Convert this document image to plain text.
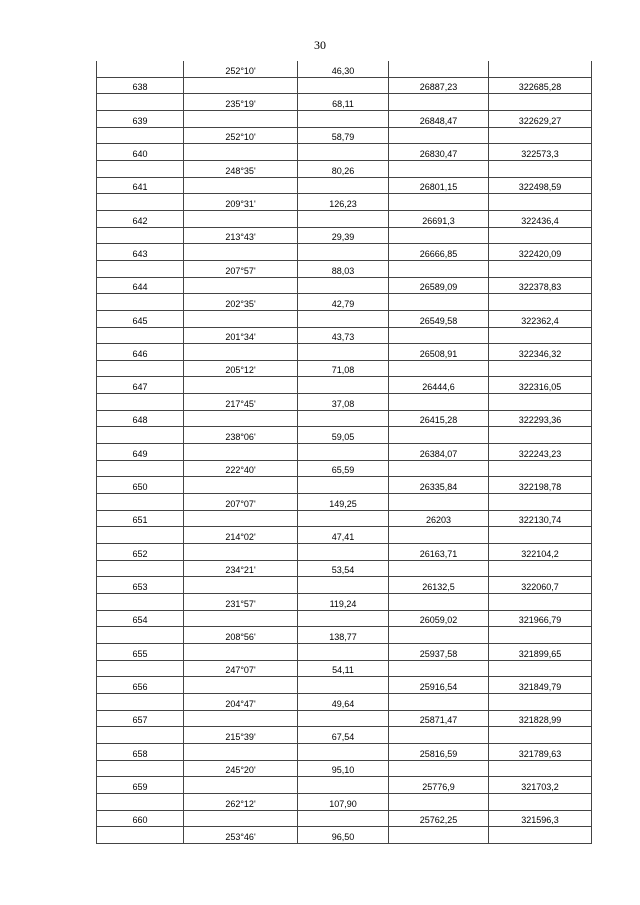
30
	252°10'	46,30		
638			26887,23	322685,28
	235°19'	68,11		
639			26848,47	322629,27
	252°10'	58,79		
640			26830,47	322573,3
	248°35'	80,26		
641			26801,15	322498,59
	209°31'	126,23		
642			26691,3	322436,4
	213°43'	29,39		
643			26666,85	322420,09
	207°57'	88,03		
644			26589,09	322378,83
	202°35'	42,79		
645			26549,58	322362,4
	201°34'	43,73		
646			26508,91	322346,32
	205°12'	71,08		
647			26444,6	322316,05
	217°45'	37,08		
648			26415,28	322293,36
	238°06'	59,05		
649			26384,07	322243,23
	222°40'	65,59		
650			26335,84	322198,78
	207°07'	149,25		
651			26203	322130,74
	214°02'	47,41		
652			26163,71	322104,2
	234°21'	53,54		
653			26132,5	322060,7
	231°57'	119,24		
654			26059,02	321966,79
	208°56'	138,77		
655			25937,58	321899,65
	247°07'	54,11		
656			25916,54	321849,79
	204°47'	49,64		
657			25871,47	321828,99
	215°39'	67,54		
658			25816,59	321789,63
	245°20'	95,10		
659			25776,9	321703,2
	262°12'	107,90		
660			25762,25	321596,3
	253°46'	96,50		
